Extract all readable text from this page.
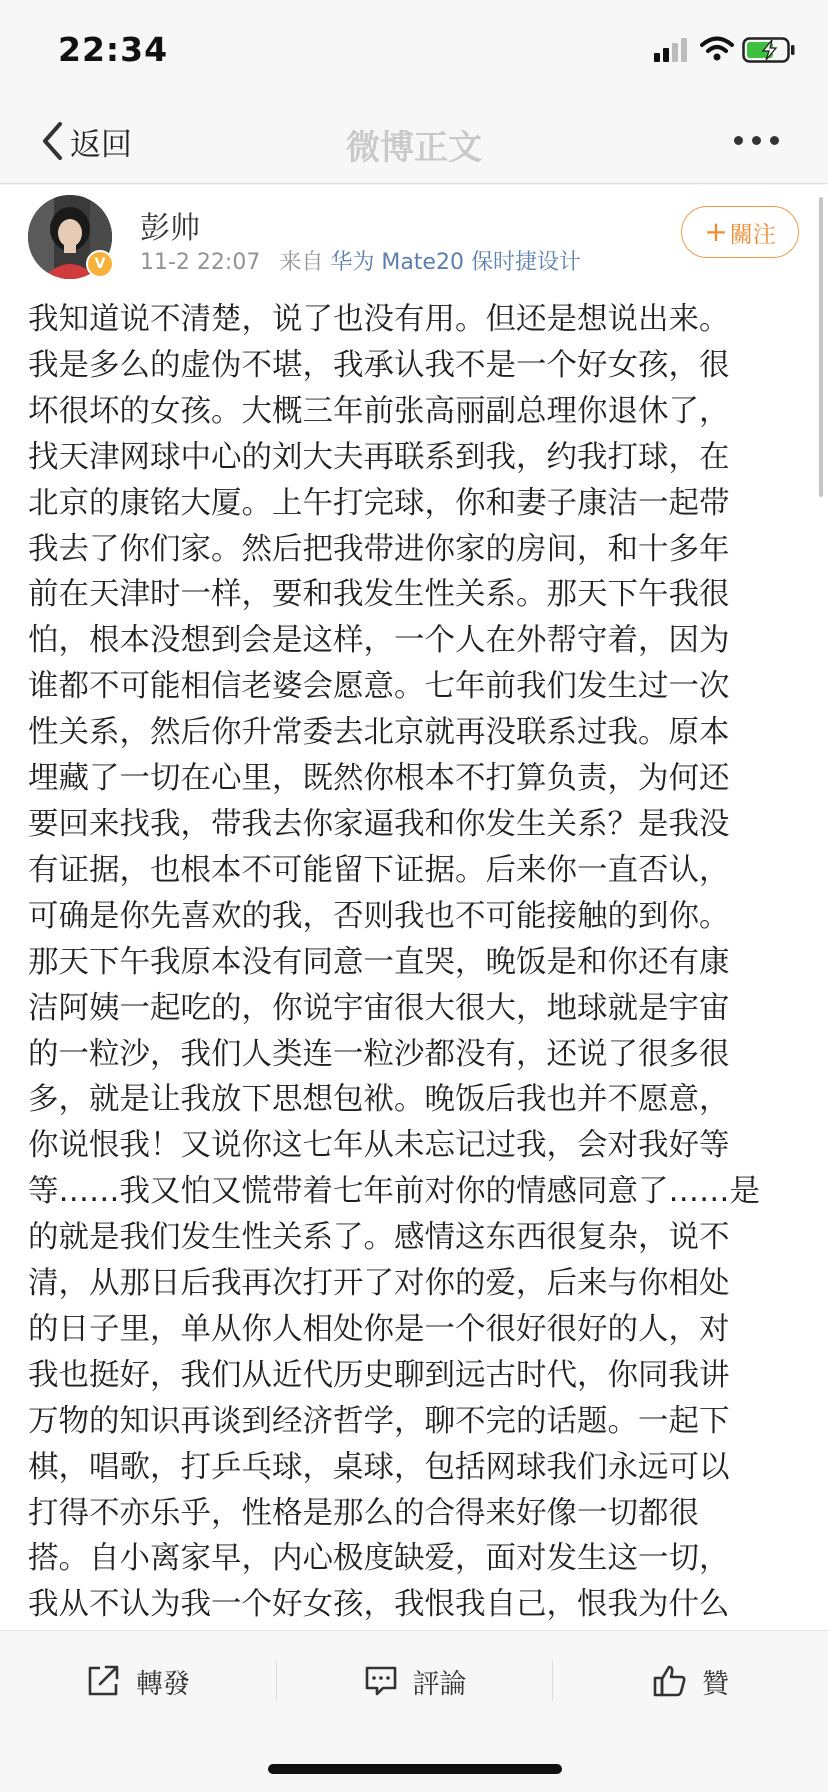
22:34
返回	微博正文
V
彭帅
11-2 22:07 来自 华为 Mate20 保时捷设计
+ 關注
我知道说不清楚，说了也没有用。但还是想说出来。
我是多么的虚伪不堪，我承认我不是一个好女孩，很
坏很坏的女孩。大概三年前张高丽副总理你退休了，
找天津网球中心的刘大夫再联系到我，约我打球，在
北京的康铭大厦。上午打完球，你和妻子康洁一起带
我去了你们家。然后把我带进你家的房间，和十多年
前在天津时一样，要和我发生性关系。那天下午我很
怕，根本没想到会是这样，一个人在外帮守着，因为
谁都不可能相信老婆会愿意。七年前我们发生过一次
性关系，然后你升常委去北京就再没联系过我。原本
埋藏了一切在心里，既然你根本不打算负责，为何还
要回来找我，带我去你家逼我和你发生关系？是我没
有证据，也根本不可能留下证据。后来你一直否认，
可确是你先喜欢的我，否则我也不可能接触的到你。
那天下午我原本没有同意一直哭，晚饭是和你还有康
洁阿姨一起吃的，你说宇宙很大很大，地球就是宇宙
的一粒沙，我们人类连一粒沙都没有，还说了很多很
多，就是让我放下思想包袱。晚饭后我也并不愿意，
你说恨我！又说你这七年从未忘记过我，会对我好等
等……我又怕又慌带着七年前对你的情感同意了……是
的就是我们发生性关系了。感情这东西很复杂，说不
清，从那日后我再次打开了对你的爱，后来与你相处
的日子里，单从你人相处你是一个很好很好的人，对
我也挺好，我们从近代历史聊到远古时代，你同我讲
万物的知识再谈到经济哲学，聊不完的话题。一起下
棋，唱歌，打乒乓球，桌球，包括网球我们永远可以
打得不亦乐乎，性格是那么的合得来好像一切都很
搭。自小离家早，内心极度缺爱，面对发生这一切，
我从不认为我一个好女孩，我恨我自己，恨我为什么
轉發	評論	贊
